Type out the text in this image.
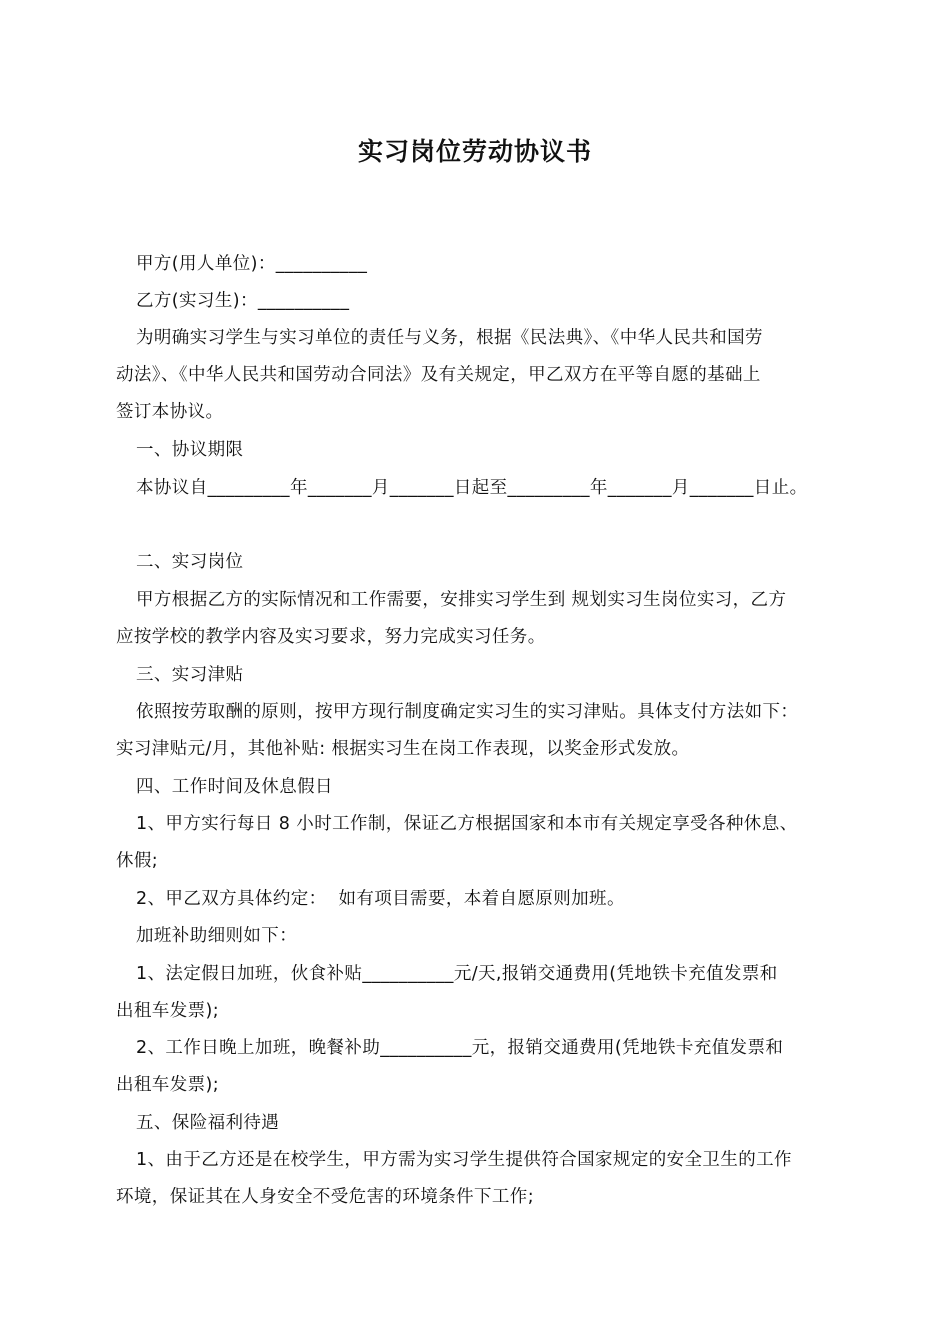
实习岗位劳动协议书
甲方(用人单位)：__________
乙方(实习生)：__________
为明确实习学生与实习单位的责任与义务，根据《民法典》、《中华人民共和国劳
动法》、《中华人民共和国劳动合同法》及有关规定，甲乙双方在平等自愿的基础上
签订本协议。
一、协议期限
本协议自_________年_______月_______日起至_________年_______月_______日止。
二、实习岗位
甲方根据乙方的实际情况和工作需要，安排实习学生到 规划实习生岗位实习，乙方
应按学校的教学内容及实习要求，努力完成实习任务。
三、实习津贴
依照按劳取酬的原则，按甲方现行制度确定实习生的实习津贴。具体支付方法如下：
实习津贴元/月，其他补贴: 根据实习生在岗工作表现，以奖金形式发放。
四、工作时间及休息假日
1、甲方实行每日 8 小时工作制，保证乙方根据国家和本市有关规定享受各种休息、
休假;
2、甲乙双方具体约定：  如有项目需要，本着自愿原则加班。
加班补助细则如下：
1、法定假日加班，伙食补贴__________元/天,报销交通费用(凭地铁卡充值发票和
出租车发票);
2、工作日晚上加班，晚餐补助__________元，报销交通费用(凭地铁卡充值发票和
出租车发票);
五、保险福利待遇
1、由于乙方还是在校学生，甲方需为实习学生提供符合国家规定的安全卫生的工作
环境，保证其在人身安全不受危害的环境条件下工作;
